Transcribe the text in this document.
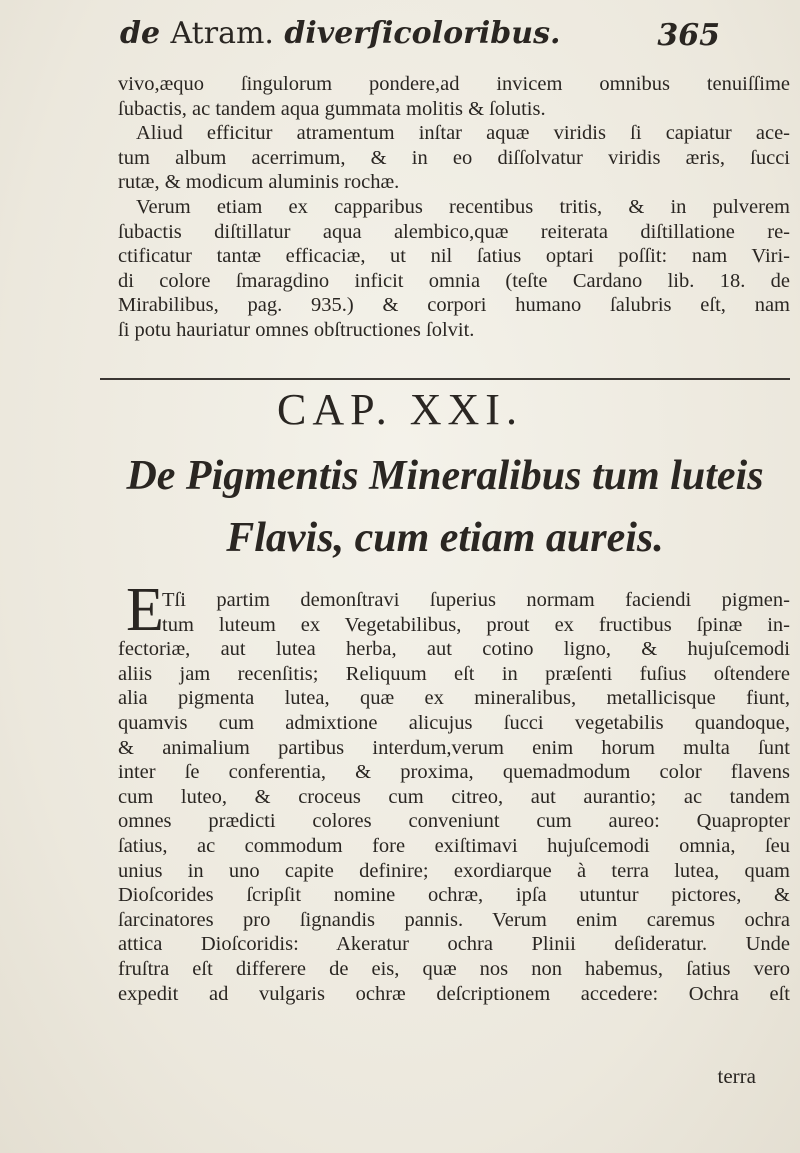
de Atram. diverſicoloribus.	365
vivo,æquo ſingulorum pondere,ad invicem omnibus tenuiſſime
ſubactis, ac tandem aqua gummata molitis & ſolutis.
Aliud efficitur atramentum inſtar aquæ viridis ſi capiatur ace-
tum album acerrimum, & in eo diſſolvatur viridis æris, ſucci
rutæ, & modicum aluminis rochæ.
Verum etiam ex capparibus recentibus tritis, & in pulverem
ſubactis diſtillatur aqua alembico,quæ reiterata diſtillatione re-
ctificatur tantæ efficaciæ, ut nil ſatius optari poſſit: nam Viri-
di colore ſmaragdino inficit omnia (teſte Cardano lib. 18. de
Mirabilibus, pag. 935.) & corpori humano ſalubris eſt, nam
ſi potu hauriatur omnes obſtructiones ſolvit.
CAP. XXI.
De Pigmentis Mineralibus tum luteis
Flavis, cum etiam aureis.
E
Tſi partim demonſtravi ſuperius normam faciendi pigmen-
tum luteum ex Vegetabilibus, prout ex fructibus ſpinæ in-
fectoriæ, aut lutea herba, aut cotino ligno, & hujuſcemodi
aliis jam recenſitis; Reliquum eſt in præſenti fuſius oſtendere
alia pigmenta lutea, quæ ex mineralibus, metallicisque fiunt,
quamvis cum admixtione alicujus ſucci vegetabilis quandoque,
& animalium partibus interdum,verum enim horum multa ſunt
inter ſe conferentia, & proxima, quemadmodum color flavens
cum luteo, & croceus cum citreo, aut aurantio; ac tandem
omnes prædicti colores conveniunt cum aureo: Quapropter
ſatius, ac commodum fore exiſtimavi hujuſcemodi omnia, ſeu
unius in uno capite definire; exordiarque à terra lutea, quam
Dioſcorides ſcripſit nomine ochræ, ipſa utuntur pictores, &
ſarcinatores pro ſignandis pannis. Verum enim caremus ochra
attica Dioſcoridis: Akeratur ochra Plinii deſideratur. Unde
fruſtra eſt differere de eis, quæ nos non habemus, ſatius vero
expedit ad vulgaris ochræ deſcriptionem accedere: Ochra eſt
terra
